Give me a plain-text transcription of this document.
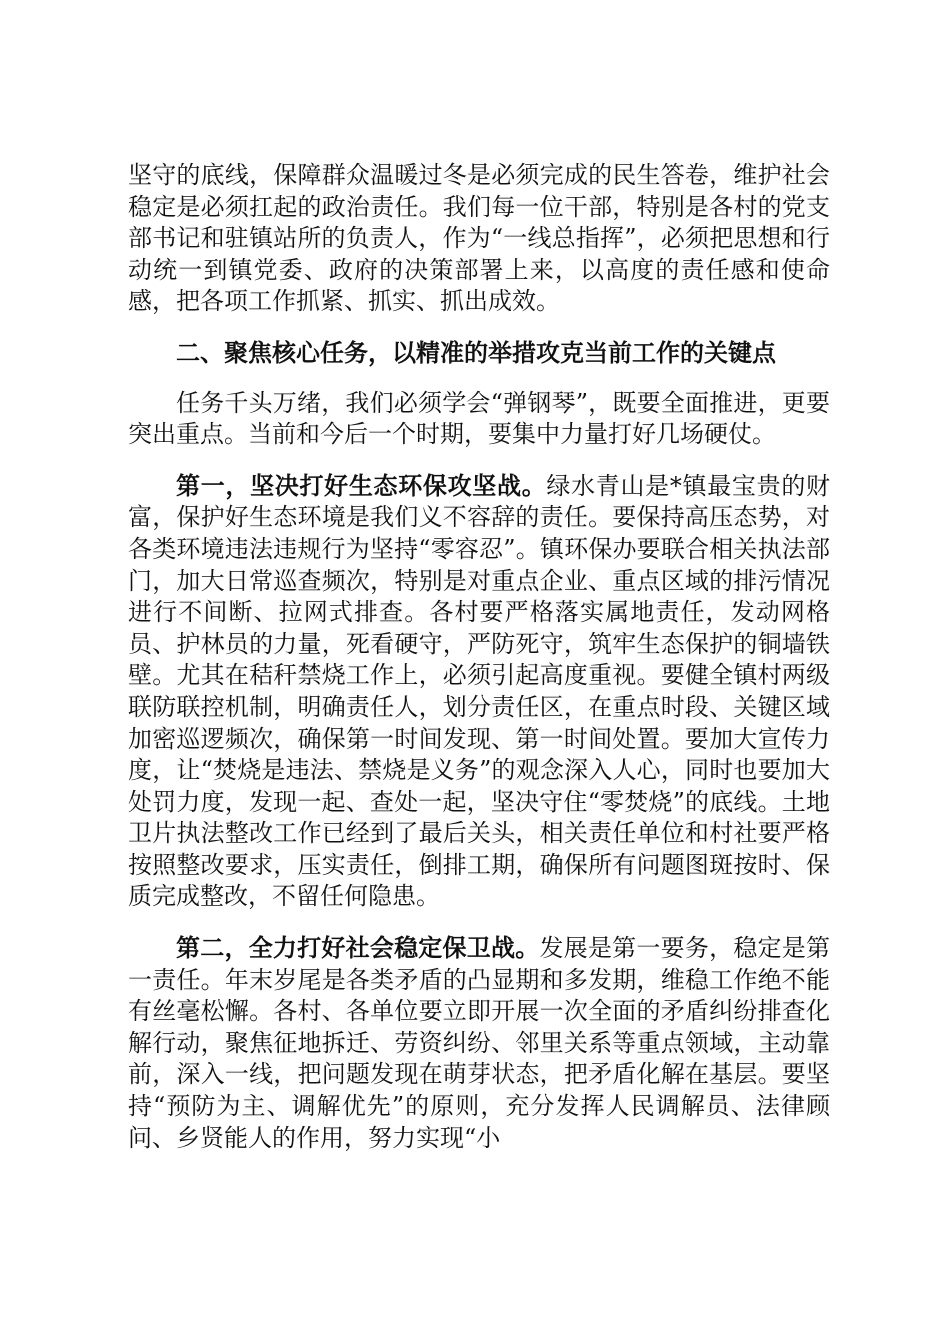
坚守的底线，保障群众温暖过冬是必须完成的民生答卷，维护社会稳定是必须扛起的政治责任。我们每一位干部，特别是各村的党支部书记和驻镇站所的负责人，作为“一线总指挥”，必须把思想和行动统一到镇党委、政府的决策部署上来，以高度的责任感和使命感，把各项工作抓紧、抓实、抓出成效。

二、聚焦核心任务，以精准的举措攻克当前工作的关键点

任务千头万绪，我们必须学会“弹钢琴”，既要全面推进，更要突出重点。当前和今后一个时期，要集中力量打好几场硬仗。

第一，坚决打好生态环保攻坚战。绿水青山是*镇最宝贵的财富，保护好生态环境是我们义不容辞的责任。要保持高压态势，对各类环境违法违规行为坚持“零容忍”。镇环保办要联合相关执法部门，加大日常巡查频次，特别是对重点企业、重点区域的排污情况进行不间断、拉网式排查。各村要严格落实属地责任，发动网格员、护林员的力量，死看硬守，严防死守，筑牢生态保护的铜墙铁壁。尤其在秸秆禁烧工作上，必须引起高度重视。要健全镇村两级联防联控机制，明确责任人，划分责任区，在重点时段、关键区域加密巡逻频次，确保第一时间发现、第一时间处置。要加大宣传力度，让“焚烧是违法、禁烧是义务”的观念深入人心，同时也要加大处罚力度，发现一起、查处一起，坚决守住“零焚烧”的底线。土地卫片执法整改工作已经到了最后关头，相关责任单位和村社要严格按照整改要求，压实责任，倒排工期，确保所有问题图斑按时、保质完成整改，不留任何隐患。

第二，全力打好社会稳定保卫战。发展是第一要务，稳定是第一责任。年末岁尾是各类矛盾的凸显期和多发期，维稳工作绝不能有丝毫松懈。各村、各单位要立即开展一次全面的矛盾纠纷排查化解行动，聚焦征地拆迁、劳资纠纷、邻里关系等重点领域，主动靠前，深入一线，把问题发现在萌芽状态，把矛盾化解在基层。要坚持“预防为主、调解优先”的原则，充分发挥人民调解员、法律顾问、乡贤能人的作用，努力实现“小
